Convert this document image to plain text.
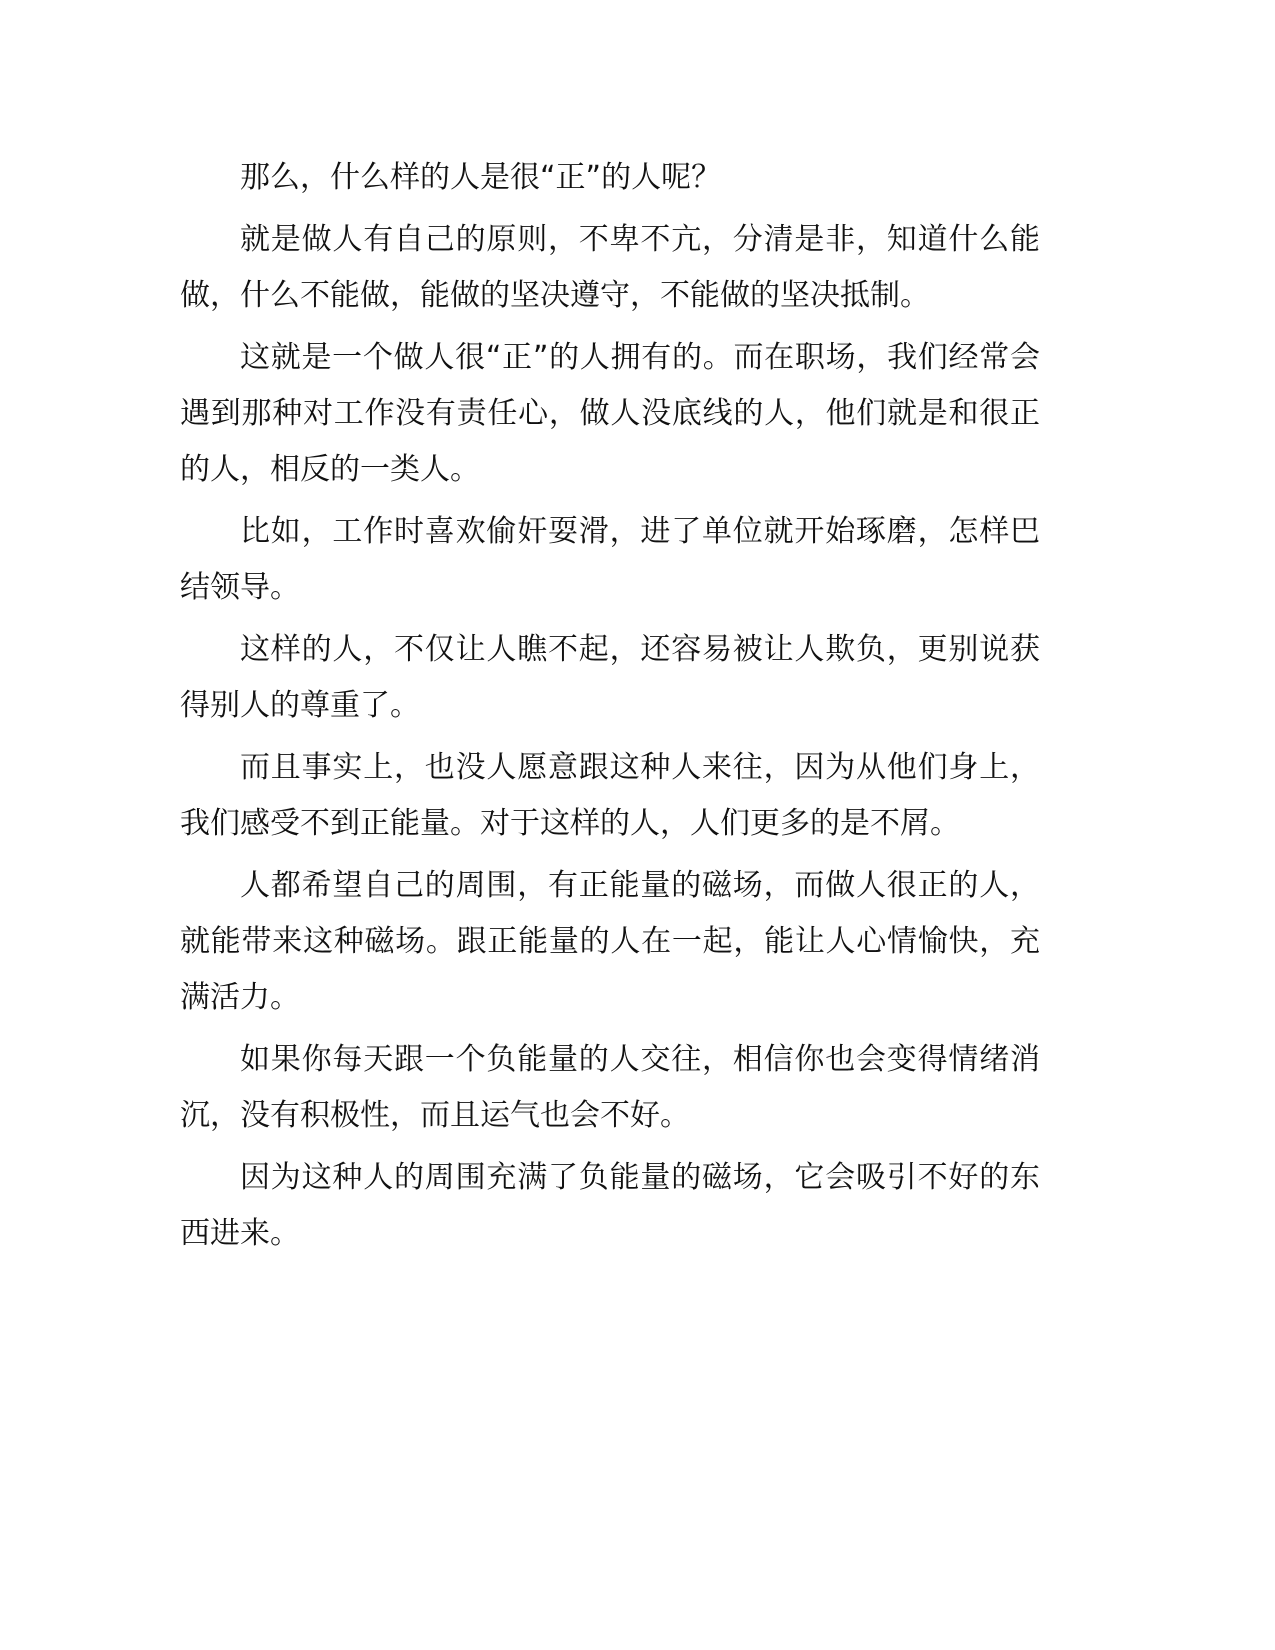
那么，什么样的人是很“正”的人呢？

就是做人有自己的原则，不卑不亢，分清是非，知道什么能做，什么不能做，能做的坚决遵守，不能做的坚决抵制。

这就是一个做人很“正”的人拥有的。而在职场，我们经常会遇到那种对工作没有责任心，做人没底线的人，他们就是和很正的人，相反的一类人。

比如，工作时喜欢偷奸耍滑，进了单位就开始琢磨，怎样巴结领导。

这样的人，不仅让人瞧不起，还容易被让人欺负，更别说获得别人的尊重了。

而且事实上，也没人愿意跟这种人来往，因为从他们身上，我们感受不到正能量。对于这样的人，人们更多的是不屑。

人都希望自己的周围，有正能量的磁场，而做人很正的人，就能带来这种磁场。跟正能量的人在一起，能让人心情愉快，充满活力。

如果你每天跟一个负能量的人交往，相信你也会变得情绪消沉，没有积极性，而且运气也会不好。

因为这种人的周围充满了负能量的磁场，它会吸引不好的东西进来。
